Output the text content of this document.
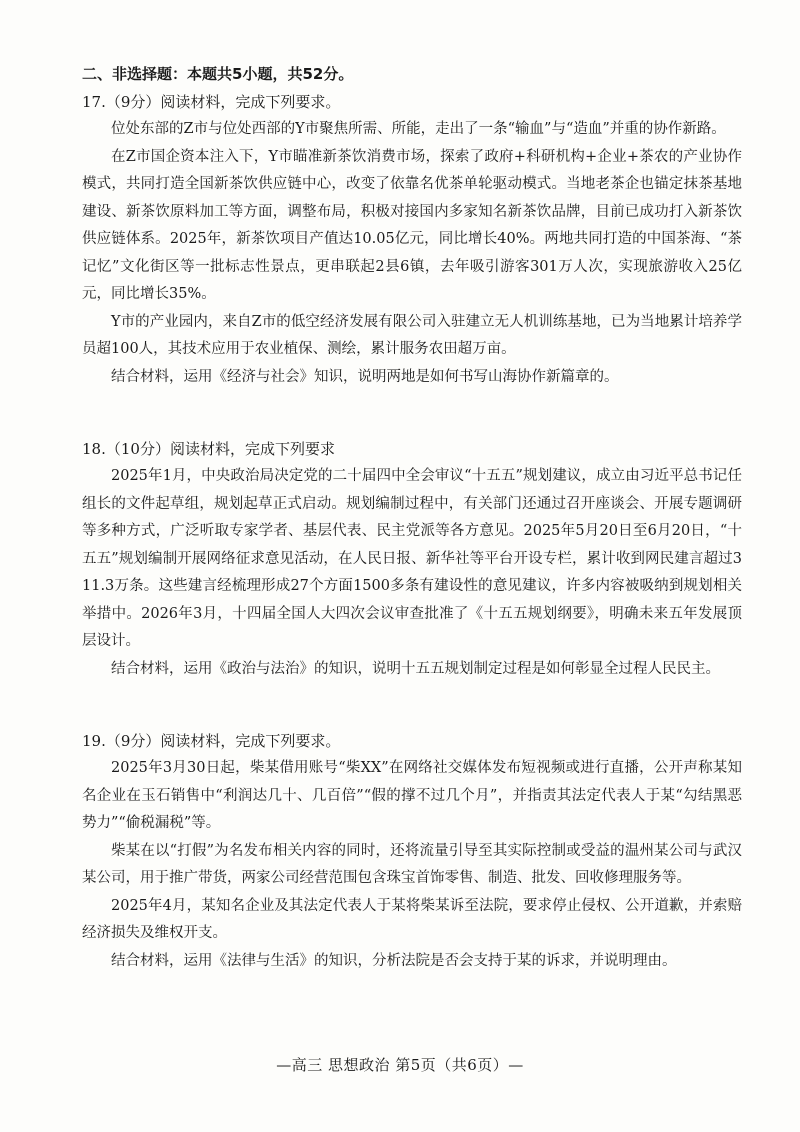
二、非选择题：本题共5小题，共52分。

17.（9分）阅读材料，完成下列要求。

位处东部的Z市与位处西部的Y市聚焦所需、所能，走出了一条“输血”与“造血”并重的协作新路。

在Z市国企资本注入下，Y市瞄准新茶饮消费市场，探索了政府+科研机构+企业+茶农的产业协作模式，共同打造全国新茶饮供应链中心，改变了依靠名优茶单轮驱动模式。当地老茶企也锚定抹茶基地建设、新茶饮原料加工等方面，调整布局，积极对接国内多家知名新茶饮品牌，目前已成功打入新茶饮供应链体系。2025年，新茶饮项目产值达10.05亿元，同比增长40%。两地共同打造的中国茶海、“茶记忆”文化街区等一批标志性景点，更串联起2县6镇，去年吸引游客301万人次，实现旅游收入25亿元，同比增长35%。

Y市的产业园内，来自Z市的低空经济发展有限公司入驻建立无人机训练基地，已为当地累计培养学员超100人，其技术应用于农业植保、测绘，累计服务农田超万亩。

结合材料，运用《经济与社会》知识，说明两地是如何书写山海协作新篇章的。

18.（10分）阅读材料，完成下列要求

2025年1月，中央政治局决定党的二十届四中全会审议“十五五”规划建议，成立由习近平总书记任组长的文件起草组，规划起草正式启动。规划编制过程中，有关部门还通过召开座谈会、开展专题调研等多种方式，广泛听取专家学者、基层代表、民主党派等各方意见。2025年5月20日至6月20日，“十五五”规划编制开展网络征求意见活动，在人民日报、新华社等平台开设专栏，累计收到网民建言超过311.3万条。这些建言经梳理形成27个方面1500多条有建设性的意见建议，许多内容被吸纳到规划相关举措中。2026年3月，十四届全国人大四次会议审查批准了《十五五规划纲要》，明确未来五年发展顶层设计。

结合材料，运用《政治与法治》的知识，说明十五五规划制定过程是如何彰显全过程人民民主。

19.（9分）阅读材料，完成下列要求。

2025年3月30日起，柴某借用账号“柴XX”在网络社交媒体发布短视频或进行直播，公开声称某知名企业在玉石销售中“利润达几十、几百倍”“假的撑不过几个月”，并指责其法定代表人于某“勾结黑恶势力”“偷税漏税”等。

柴某在以“打假”为名发布相关内容的同时，还将流量引导至其实际控制或受益的温州某公司与武汉某公司，用于推广带货，两家公司经营范围包含珠宝首饰零售、制造、批发、回收修理服务等。

2025年4月，某知名企业及其法定代表人于某将柴某诉至法院，要求停止侵权、公开道歉，并索赔经济损失及维权开支。

结合材料，运用《法律与生活》的知识，分析法院是否会支持于某的诉求，并说明理由。

—高三 思想政治 第5页（共6页）—
